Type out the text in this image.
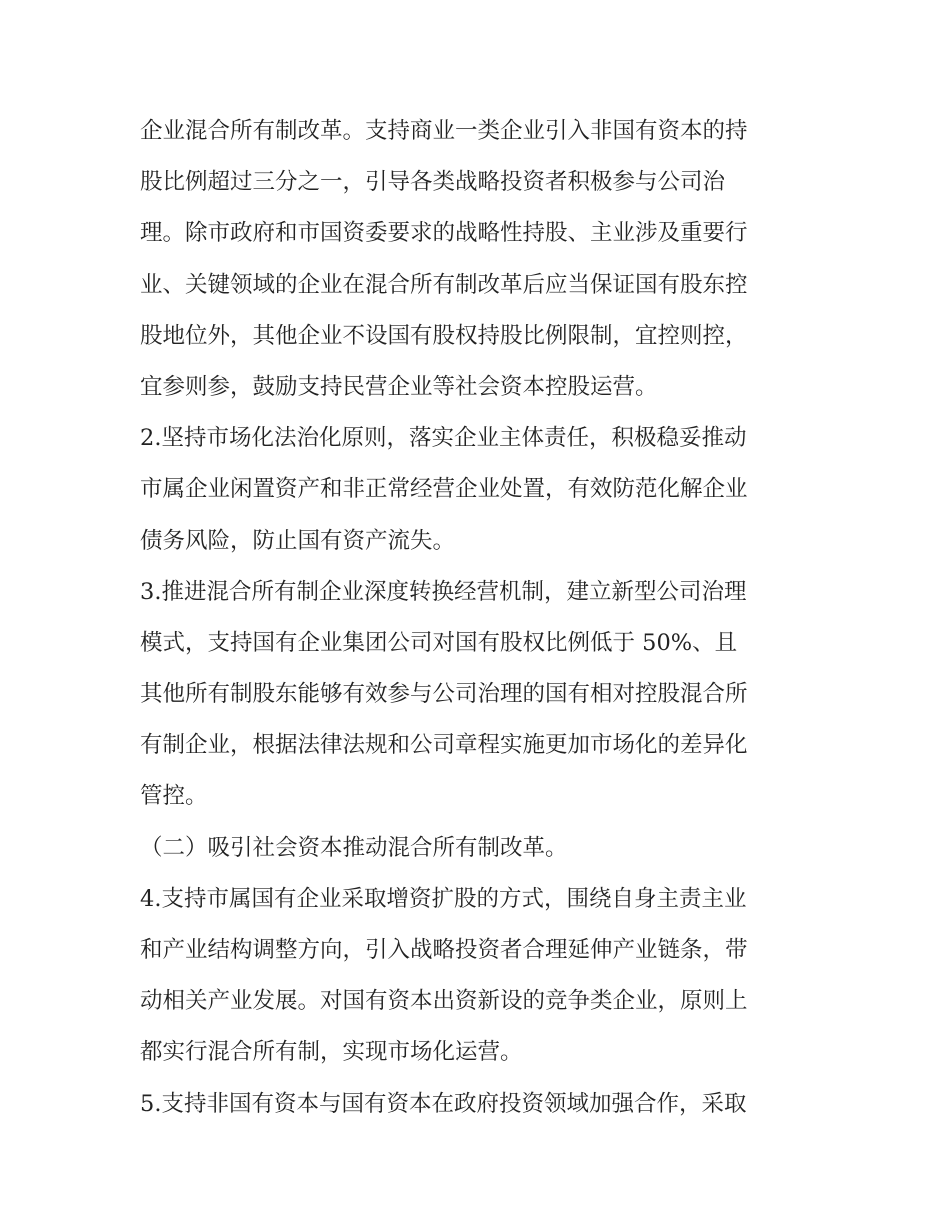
企业混合所有制改革。支持商业一类企业引入非国有资本的持
股比例超过三分之一，引导各类战略投资者积极参与公司治
理。除市政府和市国资委要求的战略性持股、主业涉及重要行
业、关键领域的企业在混合所有制改革后应当保证国有股东控
股地位外，其他企业不设国有股权持股比例限制，宜控则控，
宜参则参，鼓励支持民营企业等社会资本控股运营。
2.坚持市场化法治化原则，落实企业主体责任，积极稳妥推动
市属企业闲置资产和非正常经营企业处置，有效防范化解企业
债务风险，防止国有资产流失。
3.推进混合所有制企业深度转换经营机制，建立新型公司治理
模式，支持国有企业集团公司对国有股权比例低于 50%、且
其他所有制股东能够有效参与公司治理的国有相对控股混合所
有制企业，根据法律法规和公司章程实施更加市场化的差异化
管控。
（二）吸引社会资本推动混合所有制改革。
4.支持市属国有企业采取增资扩股的方式，围绕自身主责主业
和产业结构调整方向，引入战略投资者合理延伸产业链条，带
动相关产业发展。对国有资本出资新设的竞争类企业，原则上
都实行混合所有制，实现市场化运营。
5.支持非国有资本与国有资本在政府投资领域加强合作，采取
